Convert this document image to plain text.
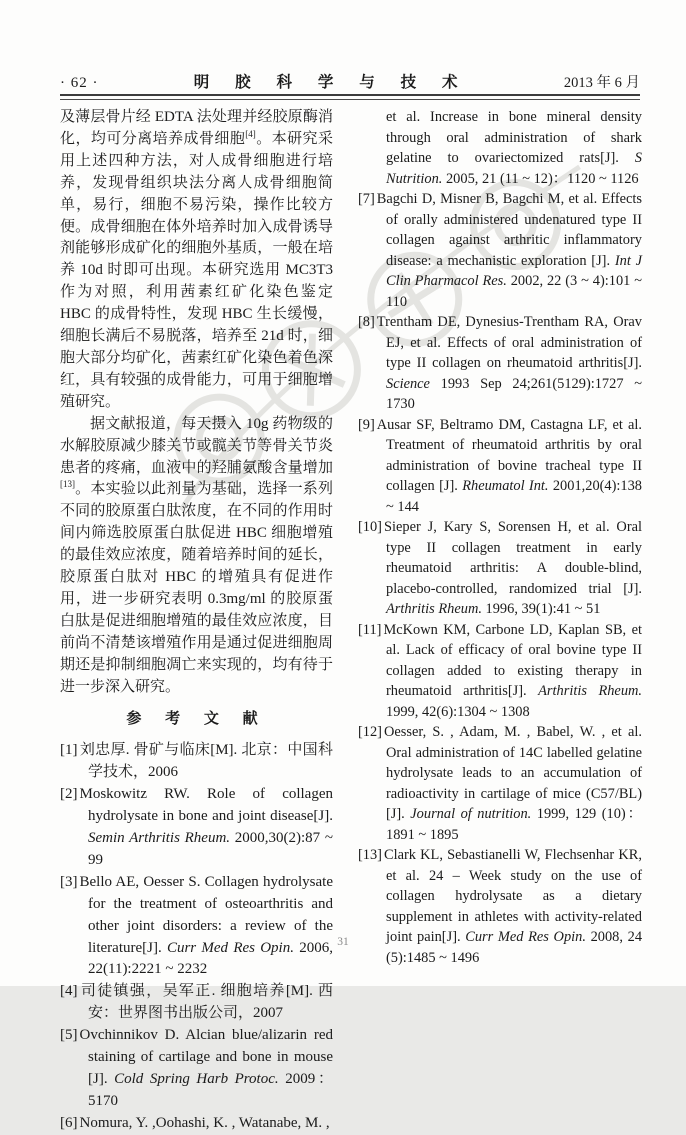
· 62 ·	明 胶 科 学 与 技 术	2013 年 6 月

及薄层骨片经 EDTA 法处理并经胶原酶消化，均可分离培养成骨细胞[4]。本研究采用上述四种方法，对人成骨细胞进行培养，发现骨组织块法分离人成骨细胞简单，易行，细胞不易污染，操作比较方便。成骨细胞在体外培养时加入成骨诱导剂能够形成矿化的细胞外基质，一般在培养 10d 时即可出现。本研究选用 MC3T3 作为对照，利用茜素红矿化染色鉴定 HBC 的成骨特性，发现 HBC 生长缓慢，细胞长满后不易脱落，培养至 21d 时，细胞大部分均矿化，茜素红矿化染色着色深红，具有较强的成骨能力，可用于细胞增殖研究。

据文献报道，每天摄入 10g 药物级的水解胶原减少膝关节或髋关节等骨关节炎患者的疼痛，血液中的羟脯氨酸含量增加[13]。本实验以此剂量为基础，选择一系列不同的胶原蛋白肽浓度，在不同的作用时间内筛选胶原蛋白肽促进 HBC 细胞增殖的最佳效应浓度，随着培养时间的延长，胶原蛋白肽对 HBC 的增殖具有促进作用，进一步研究表明 0.3mg/ml 的胶原蛋白肽是促进细胞增殖的最佳效应浓度，目前尚不清楚该增殖作用是通过促进细胞周期还是抑制细胞凋亡来实现的，均有待于进一步深入研究。

参 考 文 献
[1] 刘忠厚. 骨矿与临床[M]. 北京：中国科学技术，2006
[2] Moskowitz RW. Role of collagen hydrolysate in bone and joint disease[J]. Semin Arthritis Rheum. 2000,30(2):87 ~ 99
[3] Bello AE, Oesser S. Collagen hydrolysate for the treatment of osteoarthritis and other joint disorders: a review of the literature[J]. Curr Med Res Opin. 2006, 22(11):2221 ~ 2232
[4] 司徒镇强，吴军正. 细胞培养[M]. 西安：世界图书出版公司，2007
[5] Ovchinnikov D. Alcian blue/alizarin red staining of cartilage and bone in mouse [J]. Cold Spring Harb Protoc. 2009：5170
[6] Nomura, Y. ,Oohashi, K. , Watanabe, M. ,
et al. Increase in bone mineral density through oral administration of shark gelatine to ovariectomized rats[J]. S Nutrition. 2005, 21 (11 ~ 12)：1120 ~ 1126
[7] Bagchi D, Misner B, Bagchi M, et al. Effects of orally administered undenatured type II collagen against arthritic inflammatory disease: a mechanistic exploration [J]. Int J Clin Pharmacol Res. 2002, 22 (3 ~ 4):101 ~ 110
[8] Trentham DE, Dynesius-Trentham RA, Orav EJ, et al. Effects of oral administration of type II collagen on rheumatoid arthritis[J]. Science 1993 Sep 24;261(5129):1727 ~ 1730
[9] Ausar SF, Beltramo DM, Castagna LF, et al. Treatment of rheumatoid arthritis by oral administration of bovine tracheal type II collagen [J]. Rheumatol Int. 2001,20(4):138 ~ 144
[10] Sieper J, Kary S, Sorensen H, et al. Oral type II collagen treatment in early rheumatoid arthritis: A double-blind, placebo-controlled, randomized trial [J]. Arthritis Rheum. 1996, 39(1):41 ~ 51
[11] McKown KM, Carbone LD, Kaplan SB, et al. Lack of efficacy of oral bovine type II collagen added to existing therapy in rheumatoid arthritis[J]. Arthritis Rheum. 1999, 42(6):1304 ~ 1308
[12] Oesser, S. , Adam, M. , Babel, W. , et al. Oral administration of 14C labelled gelatine hydrolysate leads to an accumulation of radioactivity in cartilage of mice (C57/BL) [J]. Journal of nutrition. 1999, 129 (10)：1891 ~ 1895
[13] Clark KL, Sebastianelli W, Flechsenhar KR, et al. 24 – Week study on the use of collagen hydrolysate as a dietary supplement in athletes with activity-related joint pain[J]. Curr Med Res Opin. 2008, 24 (5):1485 ~ 1496
31
